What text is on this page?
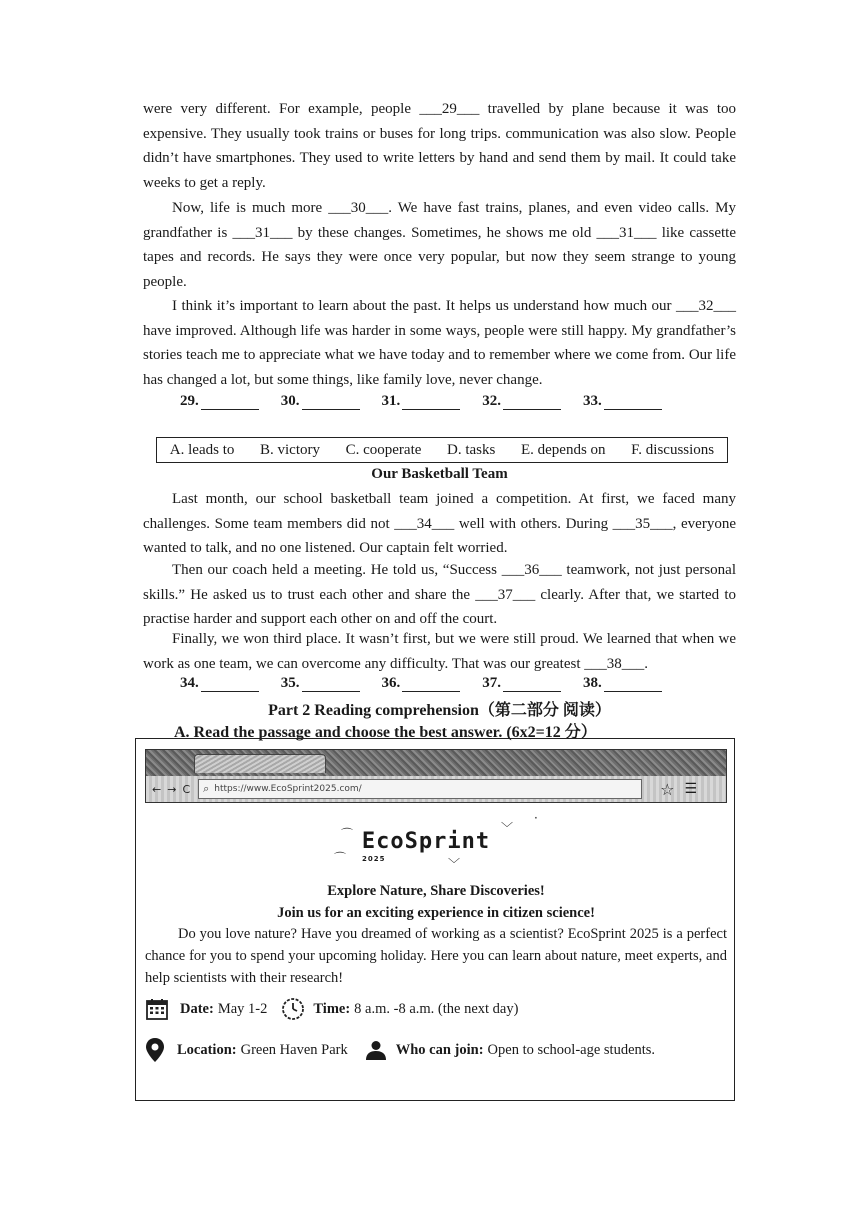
were very different. For example, people ___29___ travelled by plane because it was too expensive. They usually took trains or buses for long trips. communication was also slow. People didn’t have smartphones. They used to write letters by hand and send them by mail. It could take weeks to get a reply.

Now, life is much more ___30___. We have fast trains, planes, and even video calls. My grandfather is ___31___ by these changes. Sometimes, he shows me old ___31___ like cassette tapes and records. He says they were once very popular, but now they seem strange to young people.

I think it’s important to learn about the past. It helps us understand how much our ___32___ have improved. Although life was harder in some ways, people were still happy. My grandfather’s stories teach me to appreciate what we have today and to remember where we come from. Our life has changed a lot, but some things, like family love, never change.

29.	30.	31.	32.	33.
A. leads to B. victory C. cooperate D. tasks E. depends on F. discussions
Our Basketball Team

Last month, our school basketball team joined a competition. At first, we faced many challenges. Some team members did not ___34___ well with others. During ___35___, everyone wanted to talk, and no one listened. Our captain felt worried.

Then our coach held a meeting. He told us, “Success ___36___ teamwork, not just personal skills.” He asked us to trust each other and share the ___37___ clearly. After that, we started to practise harder and support each other on and off the court.

Finally, we won third place. It wasn’t first, but we were still proud. We learned that when we work as one team, we can overcome any difficulty. That was our greatest ___38___.

34.	35.	36.	37.	38.
Part 2 Reading comprehension（第二部分 阅读）
A. Read the passage and choose the best answer. (6x2=12 分）
← → C ⌕ https://www.EcoSprint2025.com/	☆ ☰
⌒	﹀
·
⌒	﹀
EcoSprint
2025
Explore Nature, Share Discoveries!
Join us for an exciting experience in citizen science!

Do you love nature? Have you dreamed of working as a scientist? EcoSprint 2025 is a perfect chance for you to spend your upcoming holiday. Here you can learn about nature, meet experts, and help scientists with their research!

Date: May 1-2	Time: 8 a.m. -8 a.m. (the next day)
Location: Green Haven Park	Who can join: Open to school-age students.
